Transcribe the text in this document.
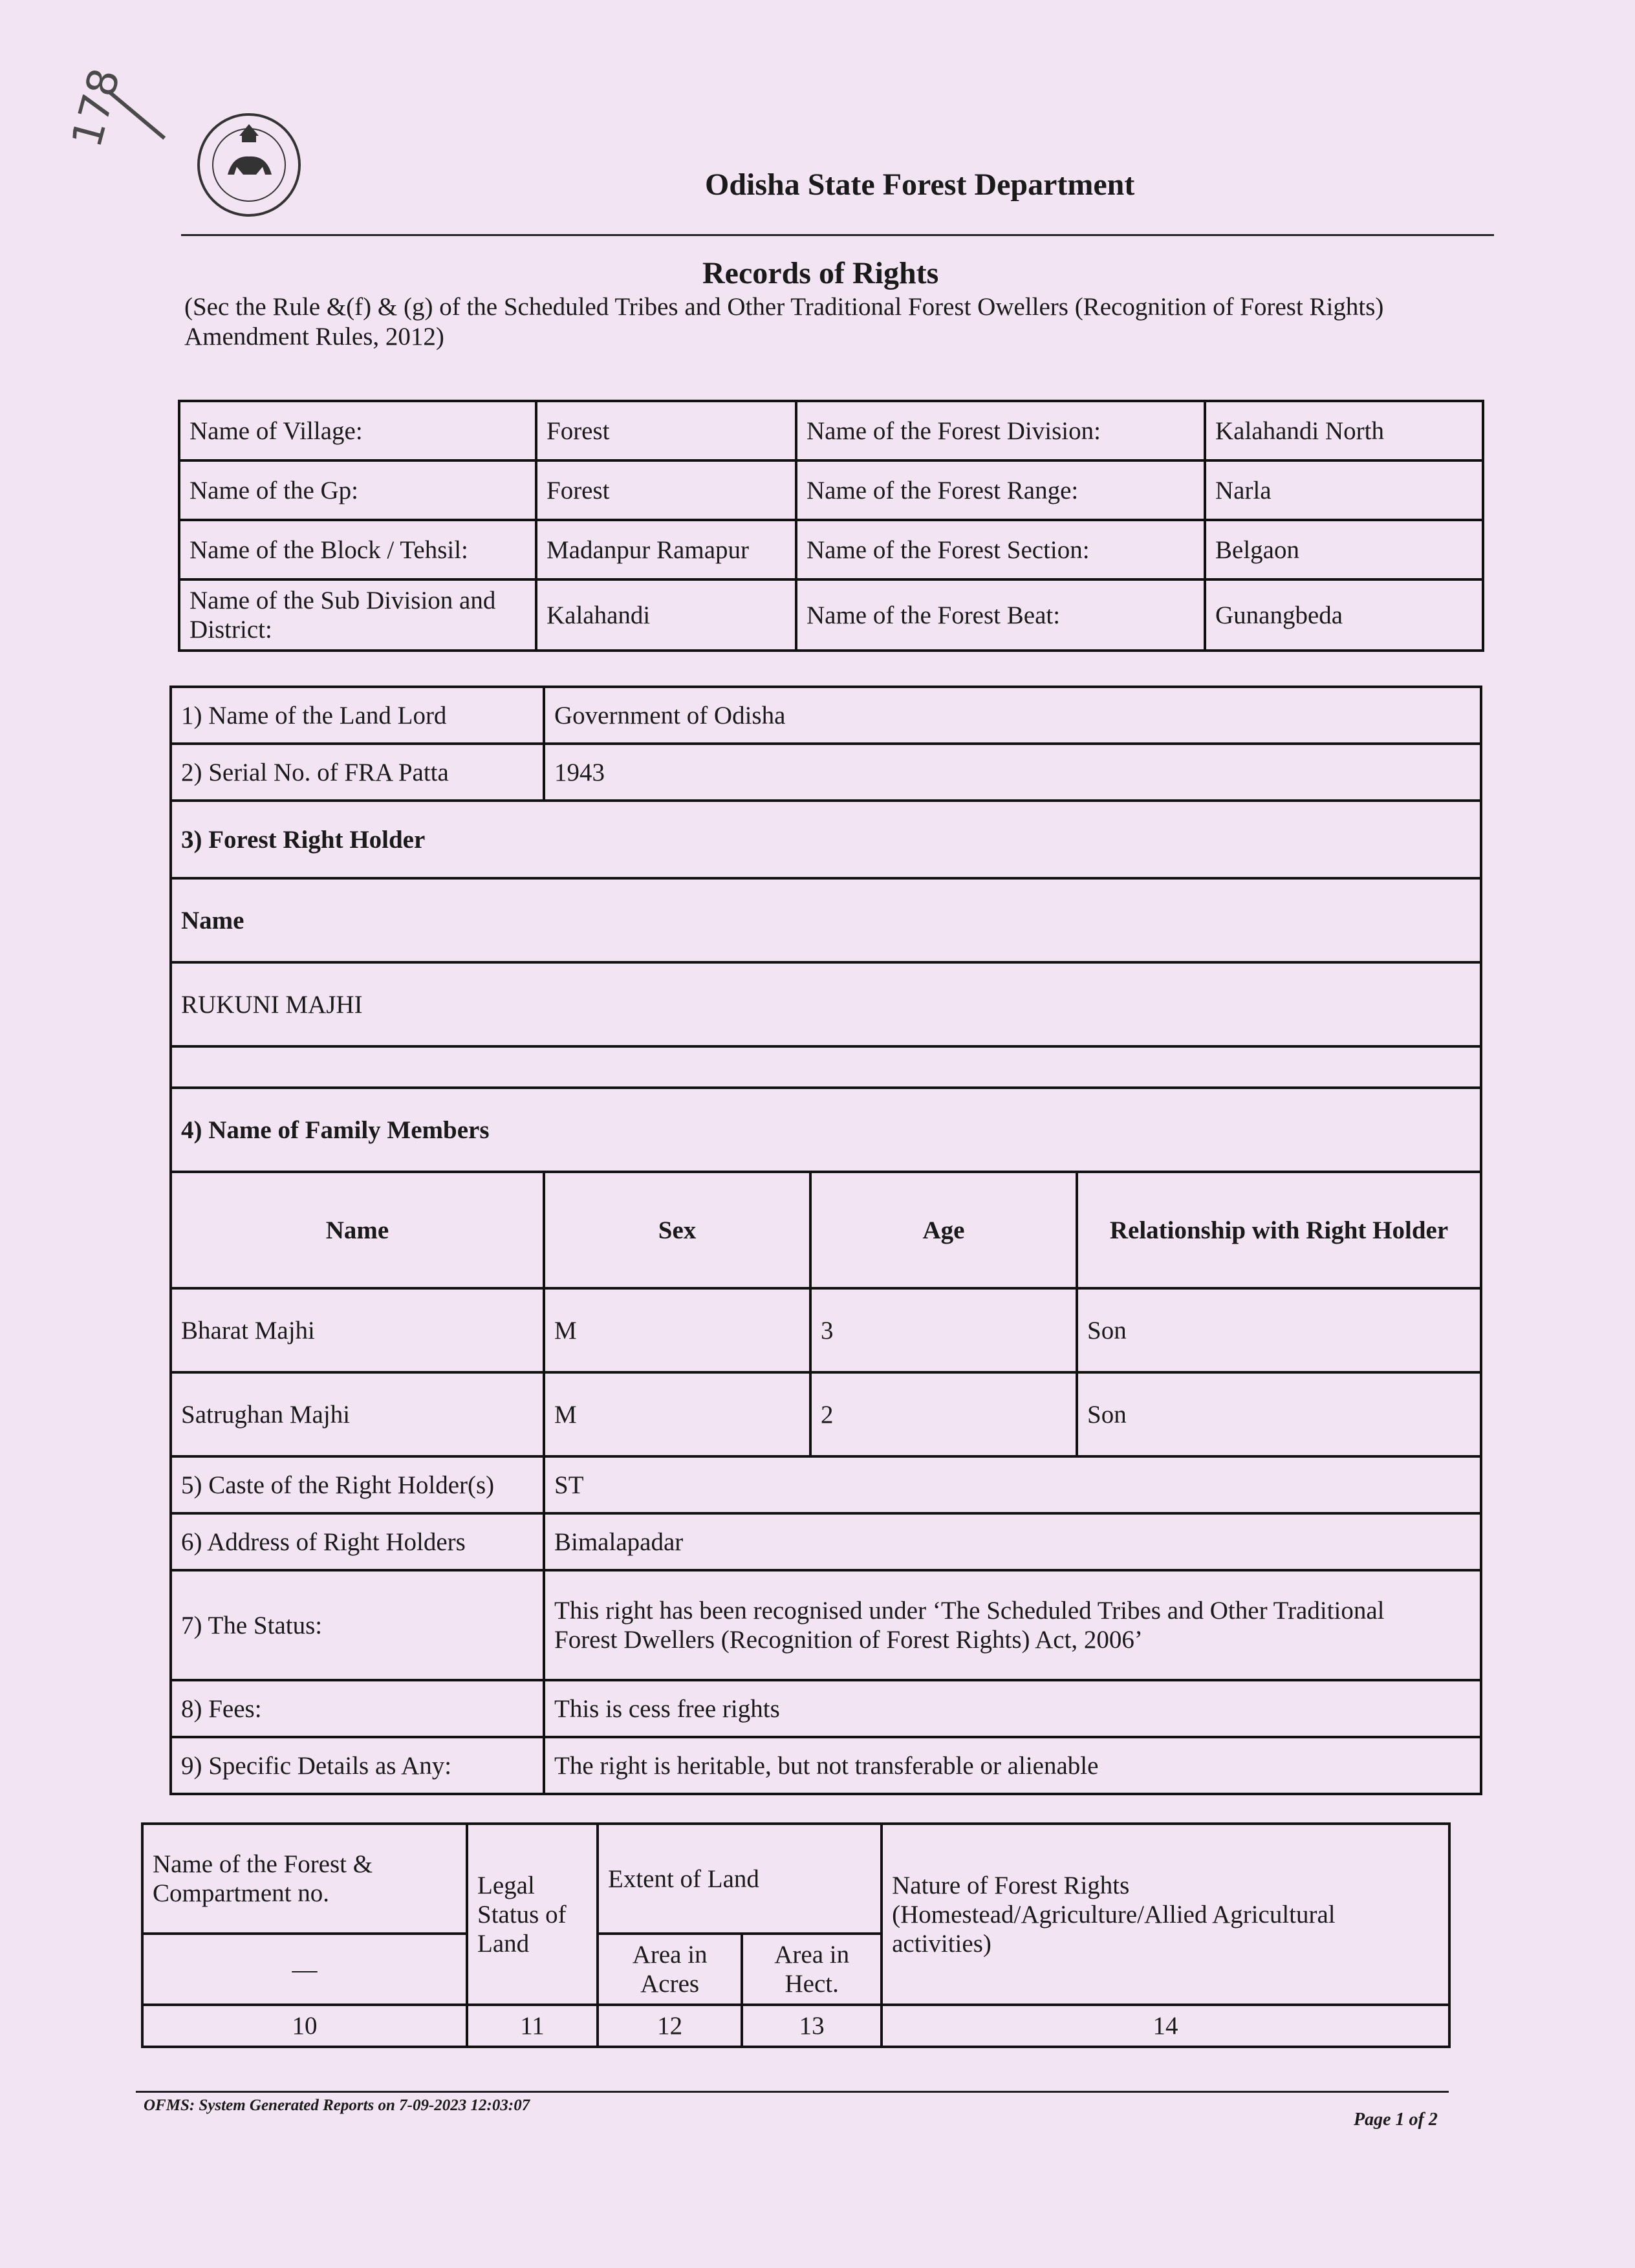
178
Odisha State Forest Department
Records of Rights
(Sec the Rule &(f) & (g) of the Scheduled Tribes and Other Traditional Forest Owellers (Recognition of Forest Rights) Amendment Rules, 2012)
Name of Village:	Forest	Name of the Forest Division:	Kalahandi North
Name of the Gp:	Forest	Name of the Forest Range:	Narla
Name of the Block / Tehsil:	Madanpur Ramapur	Name of the Forest Section:	Belgaon
Name of the Sub Division and District:	Kalahandi	Name of the Forest Beat:	Gunangbeda
1) Name of the Land Lord	Government of Odisha		
2) Serial No. of FRA Patta	1943		
3) Forest Right Holder			
Name			
RUKUNI MAJHI			

4) Name of Family Members			
Name	Sex	Age	Relationship with Right Holder
Bharat Majhi	M	3	Son
Satrughan Majhi	M	2	Son
5) Caste of the Right Holder(s)	ST		
6) Address of Right Holders	Bimalapadar		
7) The Status:	This right has been recognised under ‘The Scheduled Tribes and Other Traditional
Forest Dwellers (Recognition of Forest Rights) Act, 2006’		

8) Fees:	This is cess free rights		
9) Specific Details as Any:	The right is heritable, but not transferable or alienable		
Name of the Forest & Compartment no.	Legal Status of Land	Extent of Land		Nature of Forest Rights (Homestead/Agriculture/Allied Agricultural activities)
—		Area in Acres	Area in Hect.	
10	11	12	13	14
OFMS: System Generated Reports on 7-09-2023 12:03:07
Page 1 of 2
